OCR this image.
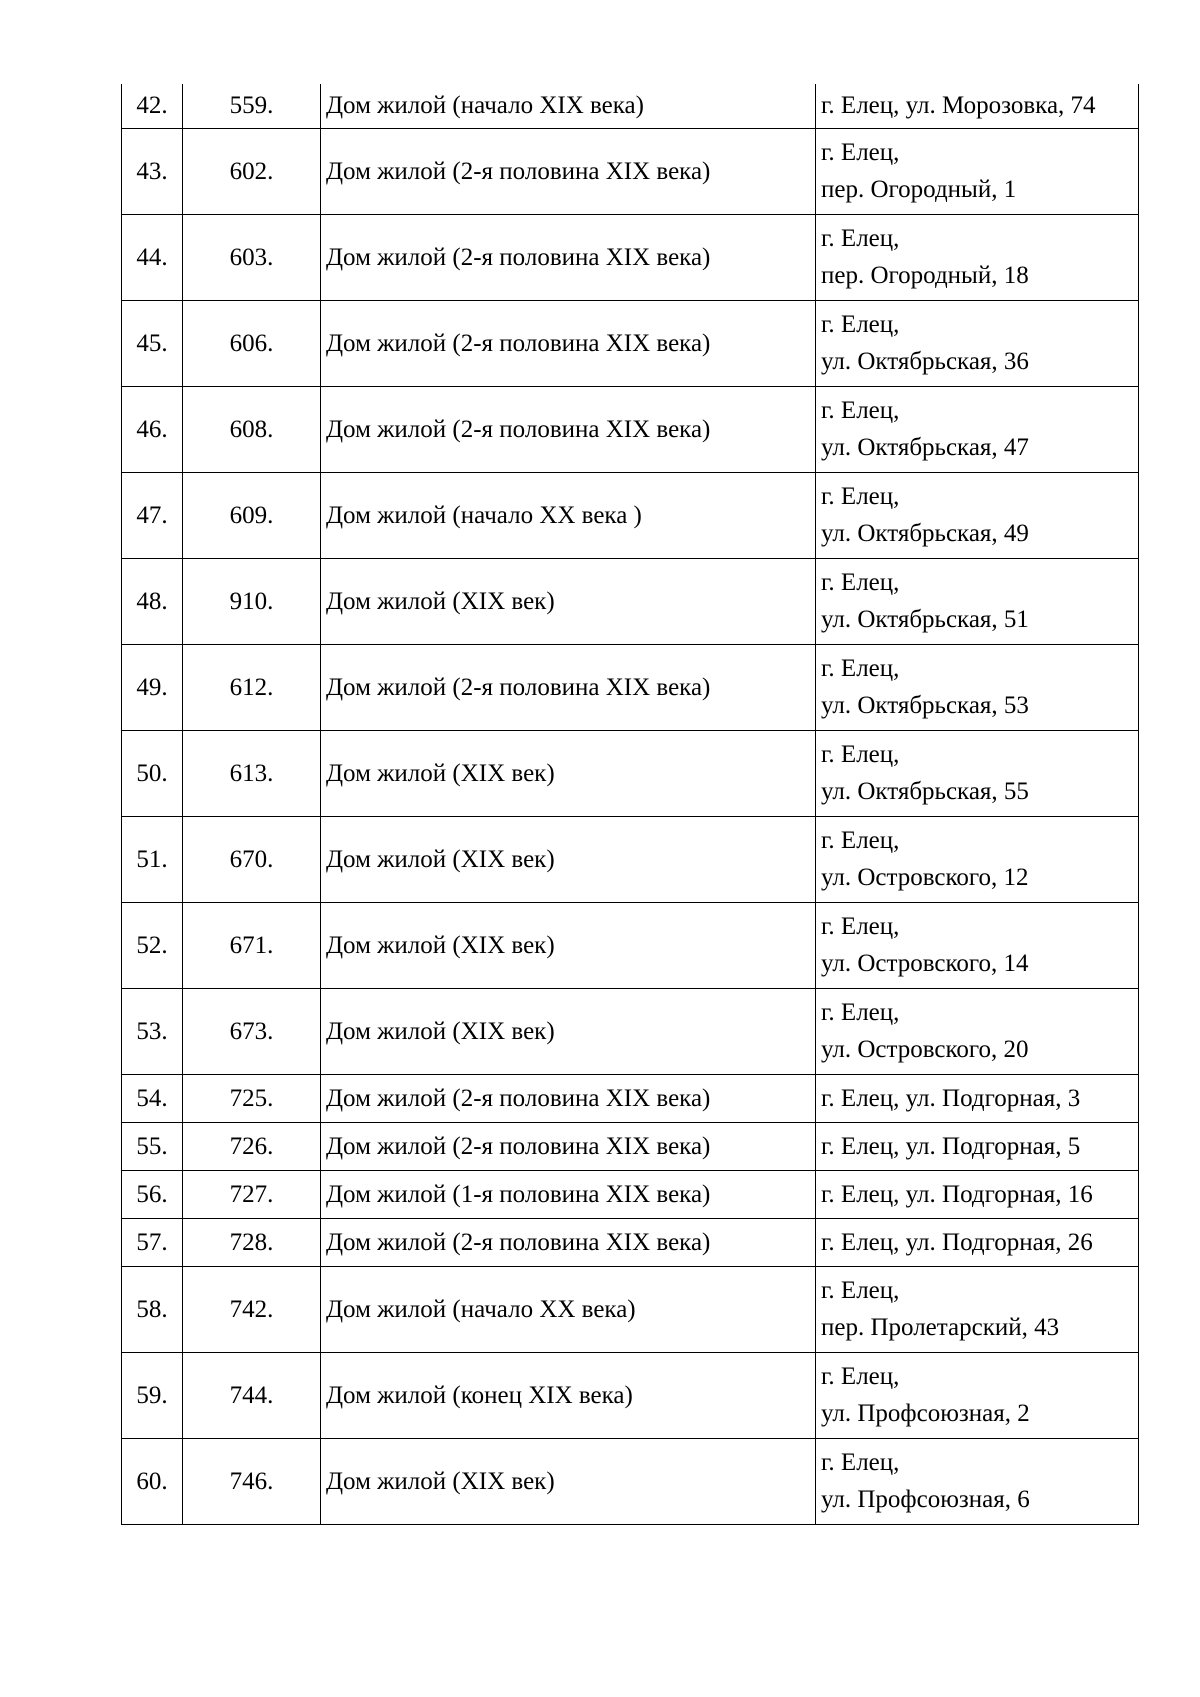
42.	559.	Дом жилой (начало XIX века)	г. Елец, ул. Морозовка, 74

43.	602.	Дом жилой (2-я половина XIX века)	г. Елец,
пер. Огородный, 1

44.	603.	Дом жилой (2-я половина XIX века)	г. Елец,
пер. Огородный, 18

45.	606.	Дом жилой (2-я половина XIX века)	г. Елец,
ул. Октябрьская, 36

46.	608.	Дом жилой (2-я половина XIX века)	г. Елец,
ул. Октябрьская, 47

47.	609.	Дом жилой (начало XX века )	г. Елец,
ул. Октябрьская, 49

48.	910.	Дом жилой (XIX век)	г. Елец,
ул. Октябрьская, 51

49.	612.	Дом жилой (2-я половина XIX века)	г. Елец,
ул. Октябрьская, 53

50.	613.	Дом жилой (XIX век)	г. Елец,
ул. Октябрьская, 55

51.	670.	Дом жилой (XIX век)	г. Елец,
ул. Островского, 12

52.	671.	Дом жилой (XIX век)	г. Елец,
ул. Островского, 14

53.	673.	Дом жилой (XIX век)	г. Елец,
ул. Островского, 20

54.	725.	Дом жилой (2-я половина XIX века)	г. Елец, ул. Подгорная, 3

55.	726.	Дом жилой (2-я половина XIX века)	г. Елец, ул. Подгорная, 5

56.	727.	Дом жилой (1-я половина XIX века)	г. Елец, ул. Подгорная, 16

57.	728.	Дом жилой (2-я половина XIX века)	г. Елец, ул. Подгорная, 26

58.	742.	Дом жилой (начало XX века)	г. Елец,
пер. Пролетарский, 43

59.	744.	Дом жилой (конец XIX века)	г. Елец,
ул. Профсоюзная, 2

60.	746.	Дом жилой (XIX век)	г. Елец,
ул. Профсоюзная, 6
